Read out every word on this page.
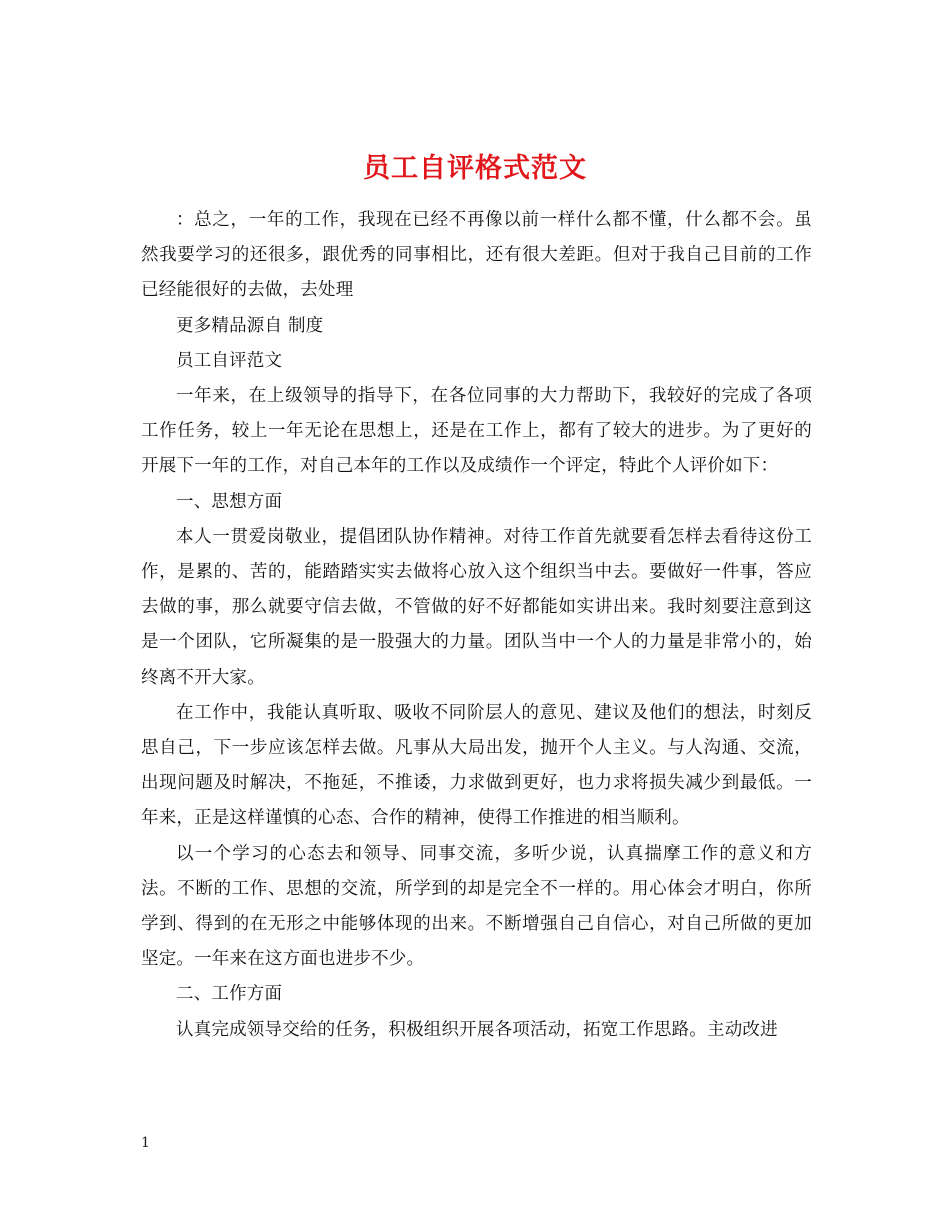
员工自评格式范文

：总之，一年的工作，我现在已经不再像以前一样什么都不懂，什么都不会。虽然我要学习的还很多，跟优秀的同事相比，还有很大差距。但对于我自己目前的工作已经能很好的去做，去处理

更多精品源自 制度

员工自评范文

一年来，在上级领导的指导下，在各位同事的大力帮助下，我较好的完成了各项工作任务，较上一年无论在思想上，还是在工作上，都有了较大的进步。为了更好的开展下一年的工作，对自己本年的工作以及成绩作一个评定，特此个人评价如下：

一、思想方面

本人一贯爱岗敬业，提倡团队协作精神。对待工作首先就要看怎样去看待这份工作，是累的、苦的，能踏踏实实去做将心放入这个组织当中去。要做好一件事，答应去做的事，那么就要守信去做，不管做的好不好都能如实讲出来。我时刻要注意到这是一个团队，它所凝集的是一股强大的力量。团队当中一个人的力量是非常小的，始终离不开大家。

在工作中，我能认真听取、吸收不同阶层人的意见、建议及他们的想法，时刻反思自己，下一步应该怎样去做。凡事从大局出发，抛开个人主义。与人沟通、交流，出现问题及时解决，不拖延，不推诿，力求做到更好，也力求将损失减少到最低。一年来，正是这样谨慎的心态、合作的精神，使得工作推进的相当顺利。

以一个学习的心态去和领导、同事交流，多听少说，认真揣摩工作的意义和方法。不断的工作、思想的交流，所学到的却是完全不一样的。用心体会才明白，你所学到、得到的在无形之中能够体现的出来。不断增强自己自信心，对自己所做的更加坚定。一年来在这方面也进步不少。

二、工作方面

认真完成领导交给的任务，积极组织开展各项活动，拓宽工作思路。主动改进

1
